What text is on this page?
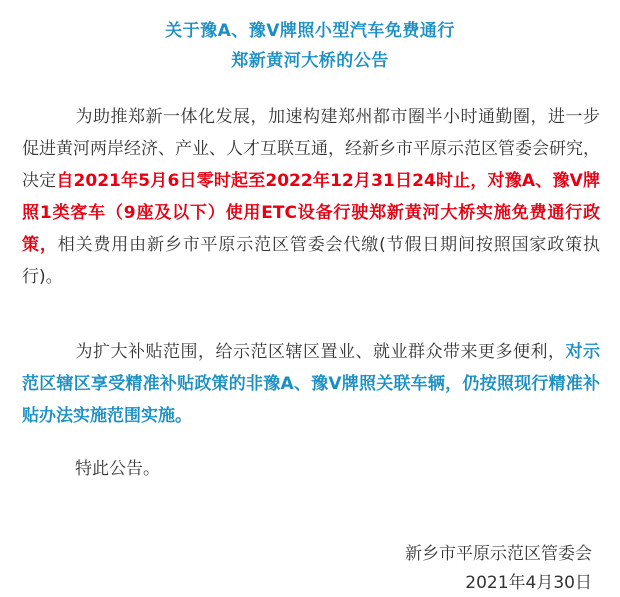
关于豫A、豫V牌照小型汽车免费通行
郑新黄河大桥的公告

为助推郑新一体化发展，加速构建郑州都市圈半小时通勤圈，进一步促进黄河两岸经济、产业、人才互联互通，经新乡市平原示范区管委会研究，决定自2021年5月6日零时起至2022年12月31日24时止，对豫A、豫V牌照1类客车（9座及以下）使用ETC设备行驶郑新黄河大桥实施免费通行政策，相关费用由新乡市平原示范区管委会代缴(节假日期间按照国家政策执行)。

为扩大补贴范围，给示范区辖区置业、就业群众带来更多便利，对示范区辖区享受精准补贴政策的非豫A、豫V牌照关联车辆，仍按照现行精准补贴办法实施范围实施。

特此公告。

新乡市平原示范区管委会
2021年4月30日
